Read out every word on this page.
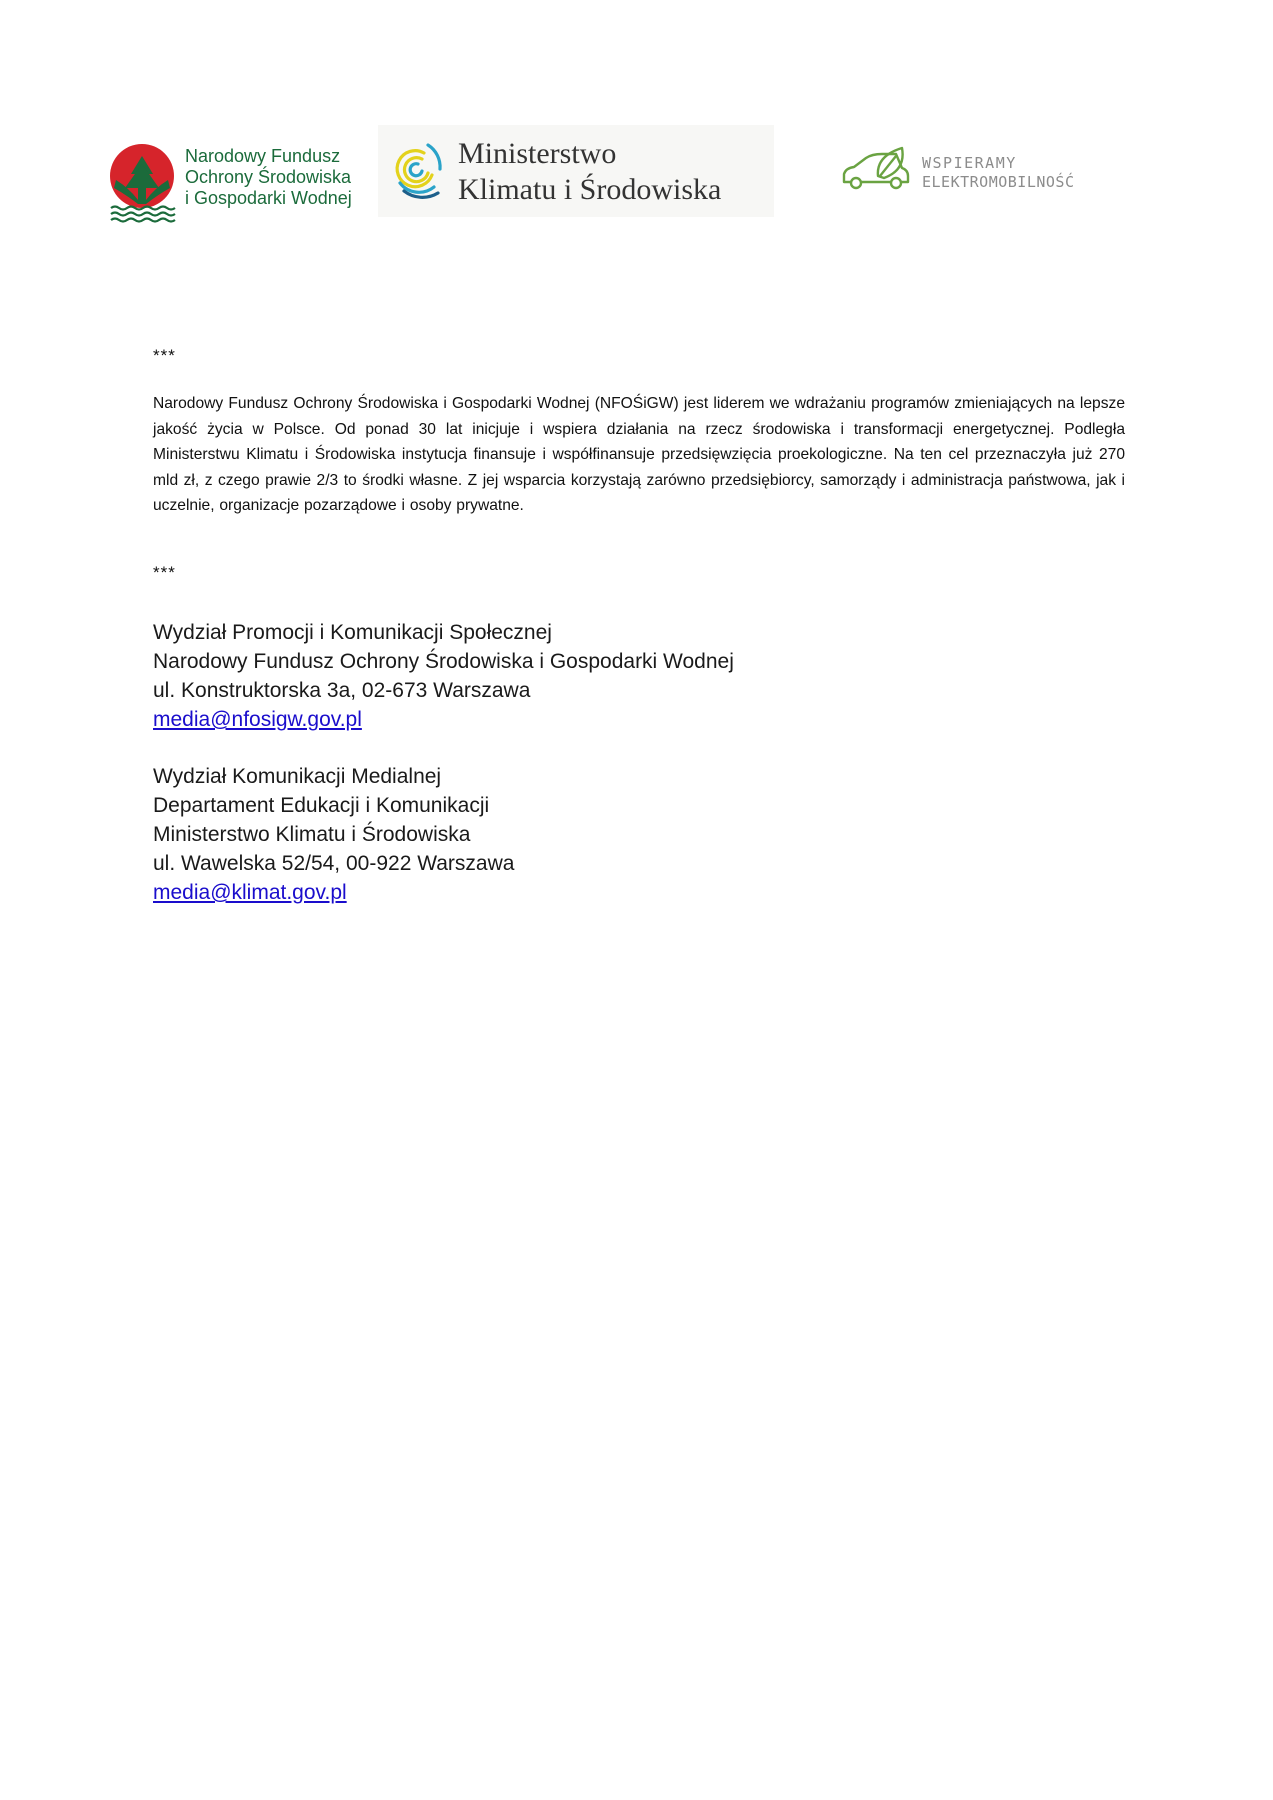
Narodowy Fundusz
Ochrony Środowiska
i Gospodarki Wodnej
Ministerstwo
Klimatu i Środowiska
WSPIERAMY
ELEKTROMOBILNOŚĆ
***

Narodowy Fundusz Ochrony Środowiska i Gospodarki Wodnej (NFOŚiGW) jest liderem we wdrażaniu programów zmieniających na lepsze jakość życia w Polsce. Od ponad 30 lat inicjuje i wspiera działania na rzecz środowiska i transformacji energetycznej. Podległa Ministerstwu Klimatu i Środowiska instytucja finansuje i współfinansuje przedsięwzięcia proekologiczne. Na ten cel przeznaczyła już 270 mld zł, z czego prawie 2/3 to środki własne. Z jej wsparcia korzystają zarówno przedsiębiorcy, samorządy i administracja państwowa, jak i uczelnie, organizacje pozarządowe i osoby prywatne.

***
Wydział Promocji i Komunikacji Społecznej
Narodowy Fundusz Ochrony Środowiska i Gospodarki Wodnej
ul. Konstruktorska 3a, 02-673 Warszawa
media@nfosigw.gov.pl
Wydział Komunikacji Medialnej
Departament Edukacji i Komunikacji
Ministerstwo Klimatu i Środowiska
ul. Wawelska 52/54, 00-922 Warszawa
media@klimat.gov.pl
